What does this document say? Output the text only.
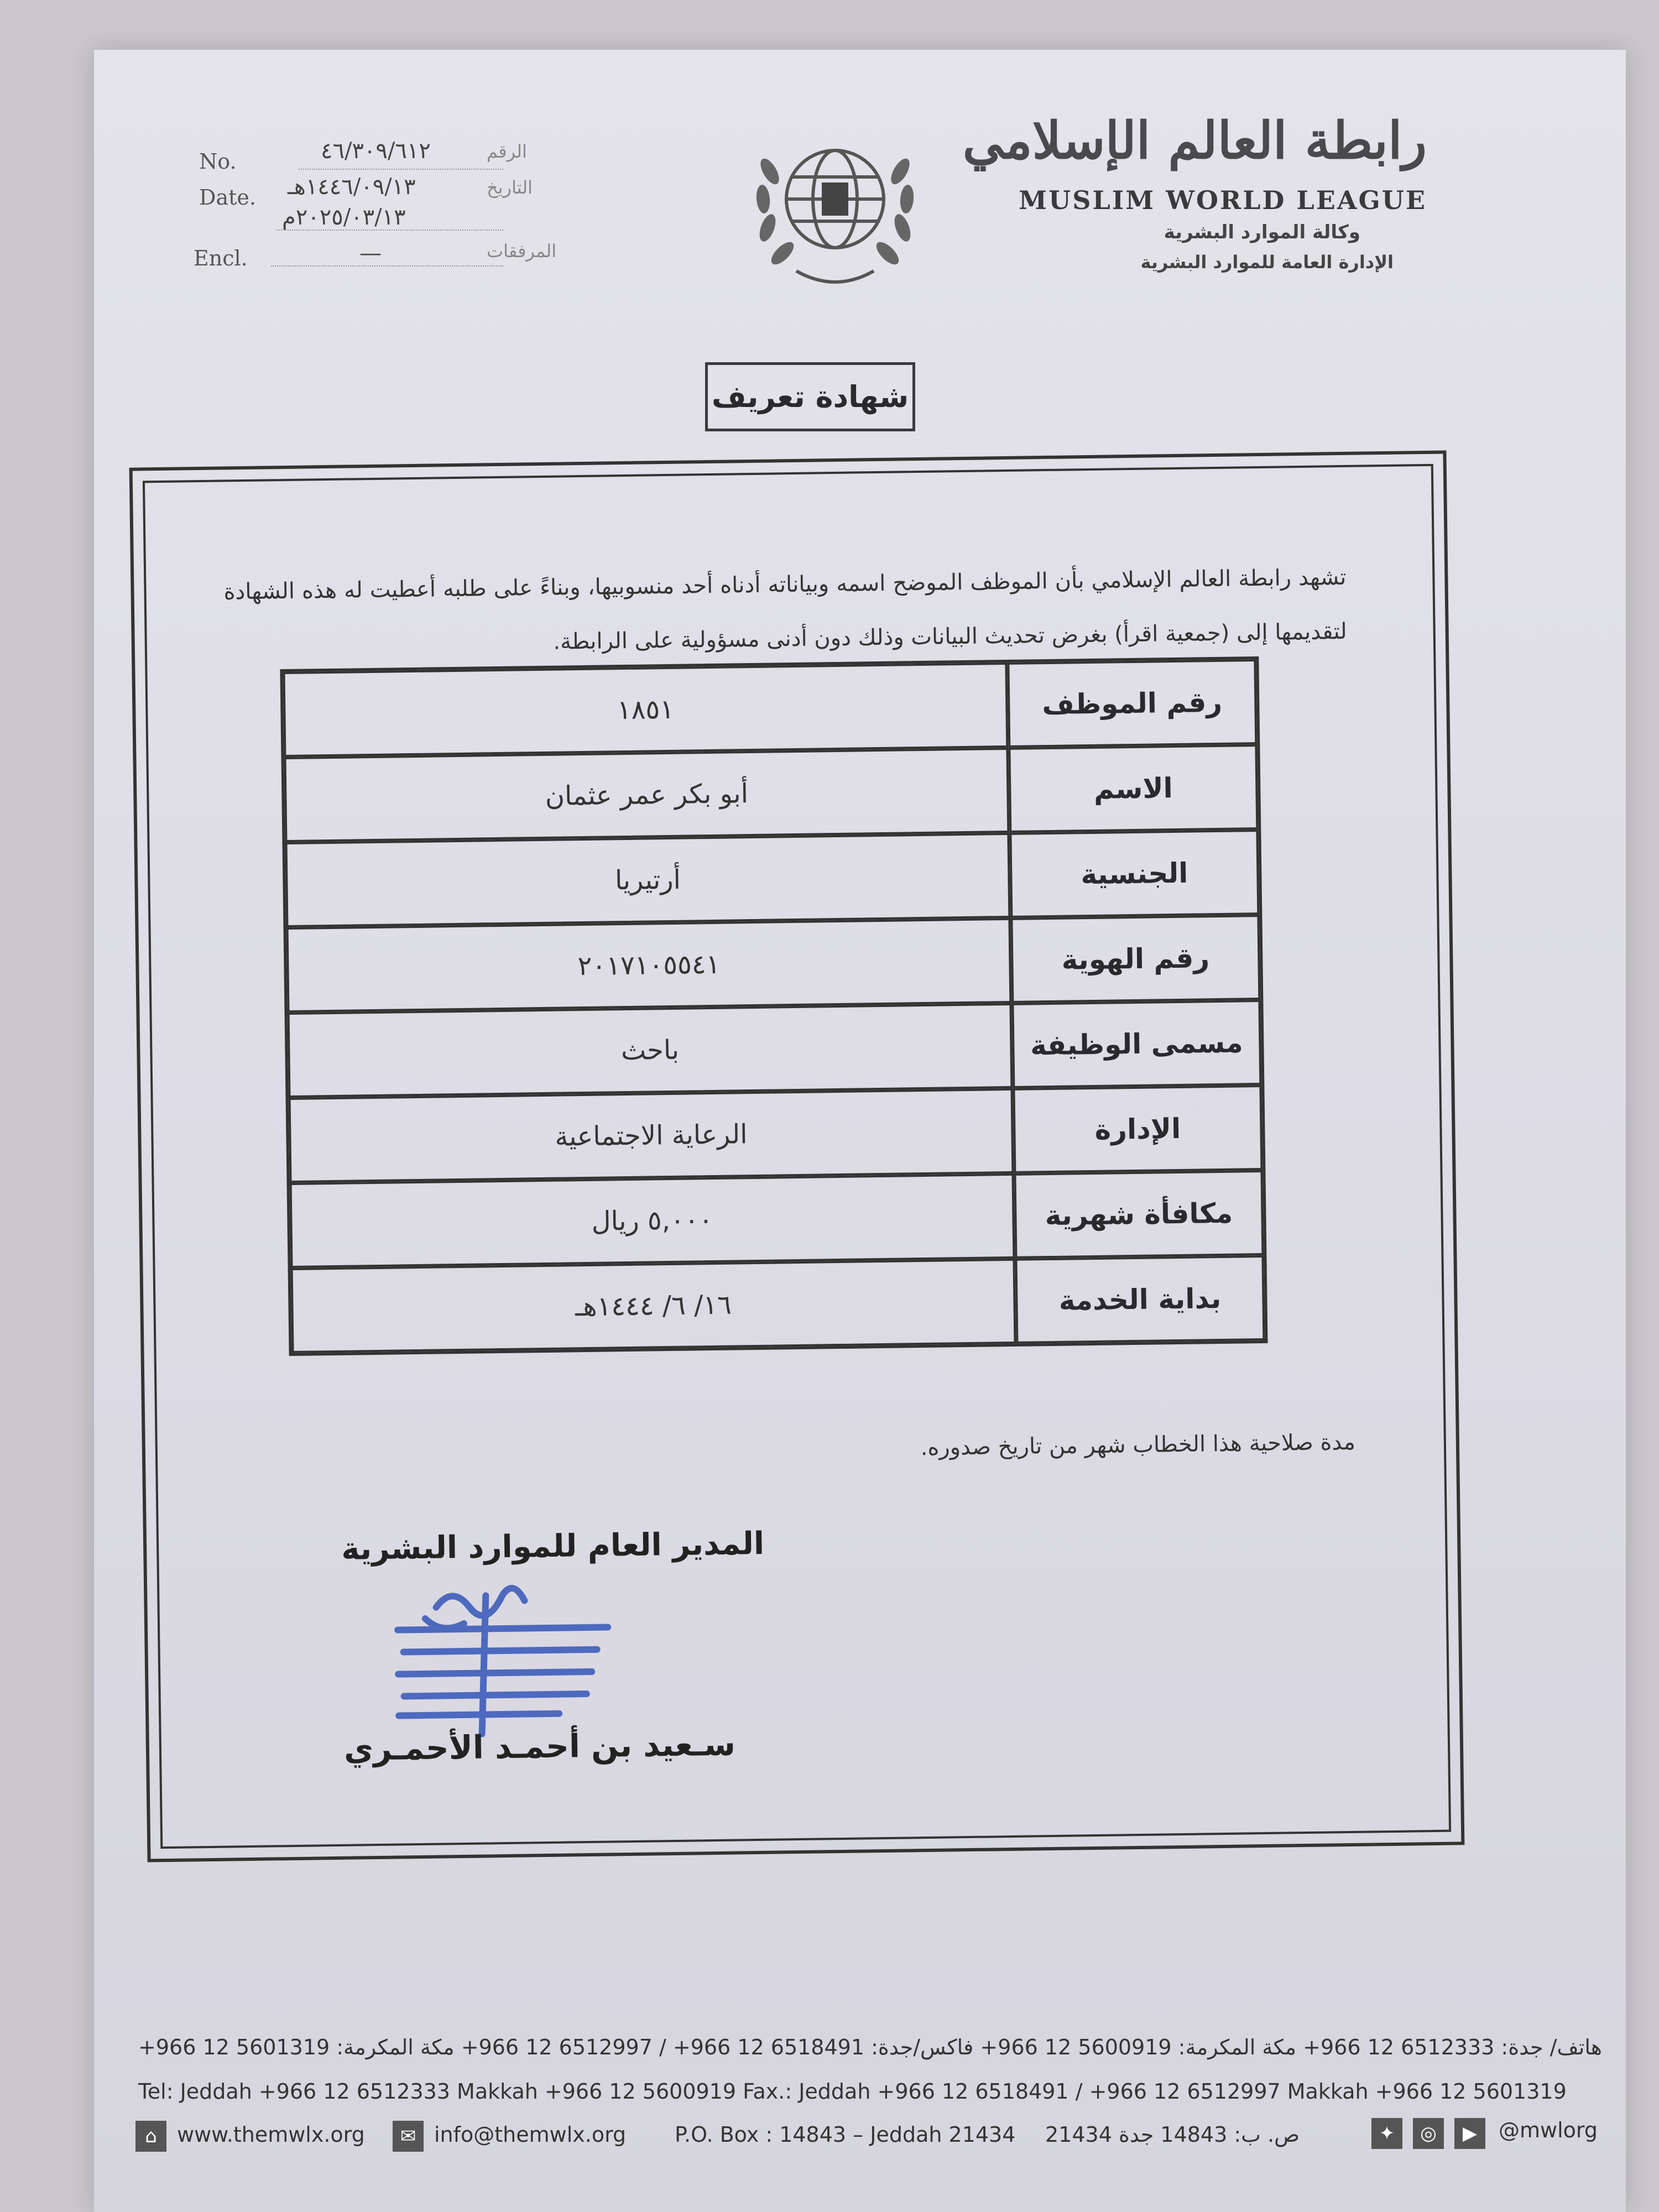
رابطة العالم الإسلامي
MUSLIM WORLD LEAGUE
وكالة الموارد البشرية
الإدارة العامة للموارد البشرية
No.	٤٦/٣٠٩/٦١٢	الرقم
Date. ١٤٤٦/٠٩/١٣هـ
٢٠٢٥/٠٣/١٣م
التاريخ
Encl.	—	المرفقات
شهادة تعريف
تشهد رابطة العالم الإسلامي بأن الموظف الموضح اسمه وبياناته أدناه أحد منسوبيها، وبناءً على طلبه أعطيت له هذه الشهادة لتقديمها إلى (جمعية اقرأ) بغرض تحديث البيانات وذلك دون أدنى مسؤولية على الرابطة.
رقم الموظف	١٨٥١
الاسم	أبو بكر عمر عثمان
الجنسية	أرتيريا
رقم الهوية	٢٠١٧١٠٥٥٤١
مسمى الوظيفة	باحث
الإدارة	الرعاية الاجتماعية
مكافأة شهرية	٥,٠٠٠ ريال
بداية الخدمة	١٦/ ٦/ ١٤٤٤هـ
مدة صلاحية هذا الخطاب شهر من تاريخ صدوره.
المدير العام للموارد البشرية
سـعيد بن أحمـد الأحمـري
هاتف/ جدة: 6512333 12 966+ مكة المكرمة: 5600919 12 966+ فاكس/جدة: 6518491 12 966+ / 6512997 12 966+ مكة المكرمة: 5601319 12 966+
Tel: Jeddah +966 12 6512333 Makkah +966 12 5600919 Fax.: Jeddah +966 12 6518491 / +966 12 6512997 Makkah +966 12 5601319
⌂ www.themwlx.org	✉ info@themwlx.org P.O. Box : 14843 – Jeddah 21434 ص. ب: 14843 جدة 21434	✦	◎	▶	@mwlorg
